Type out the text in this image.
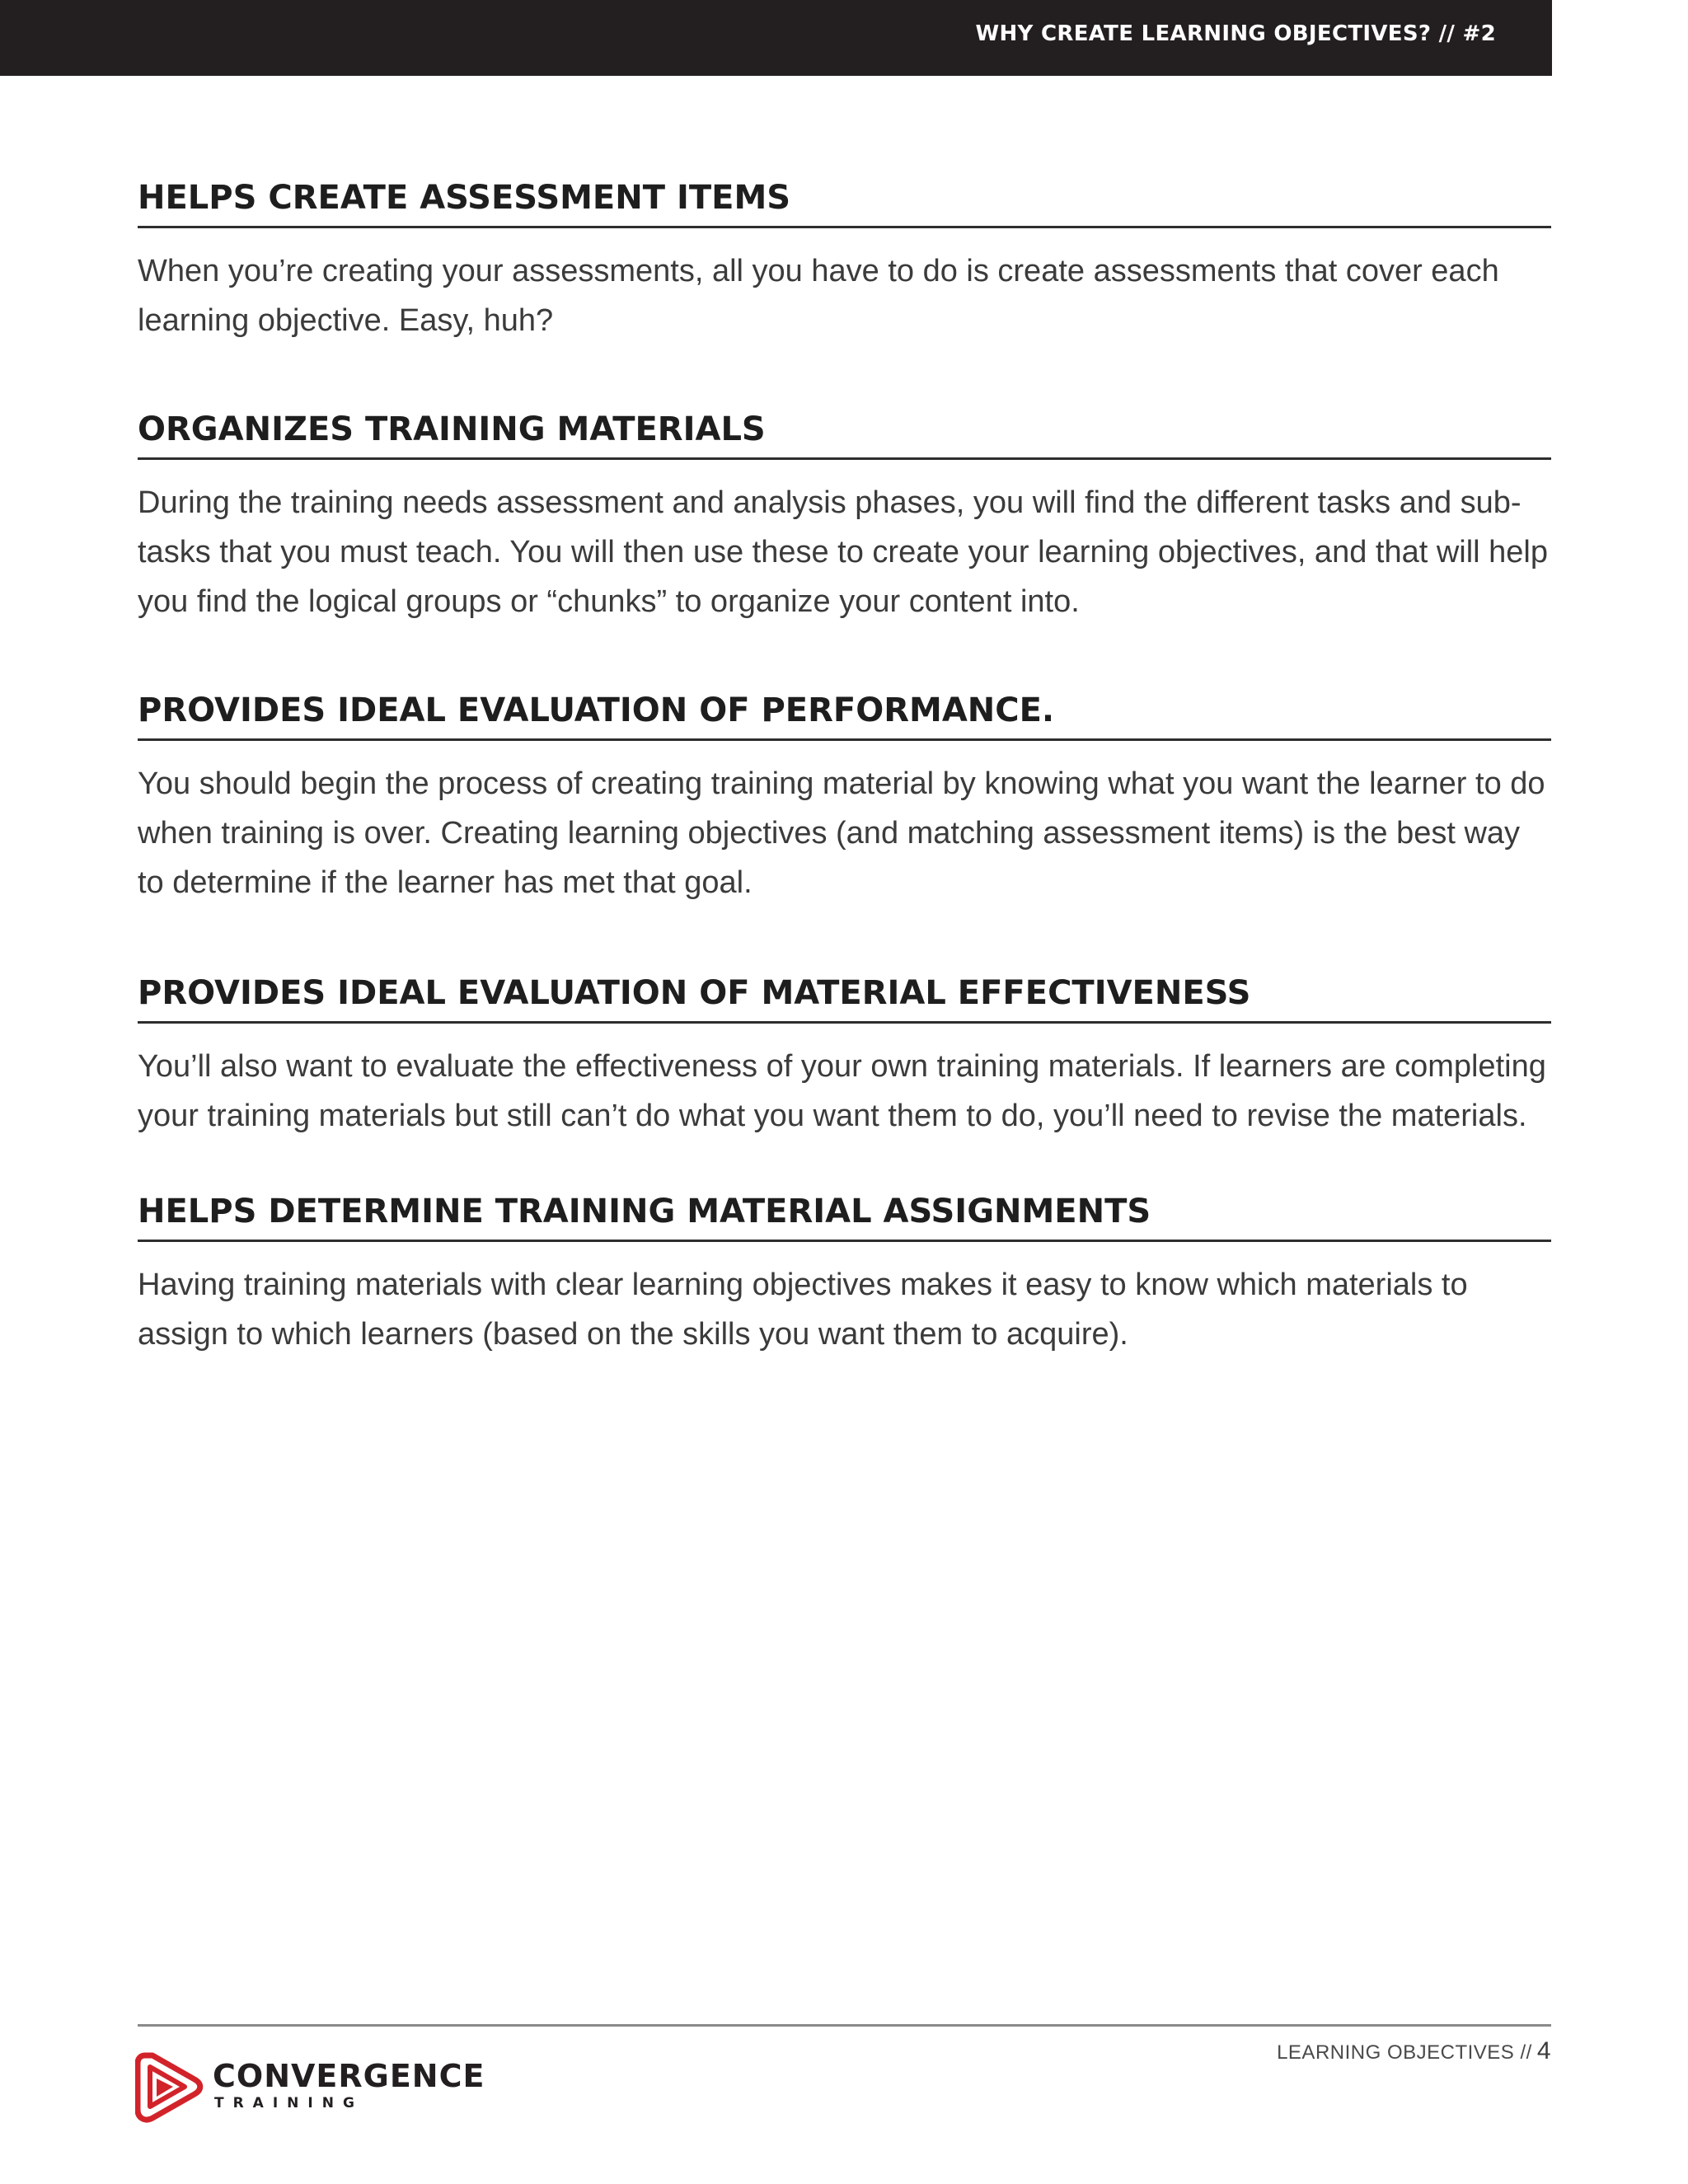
WHY CREATE LEARNING OBJECTIVES? // #2
HELPS CREATE ASSESSMENT ITEMS

When you’re creating your assessments, all you have to do is create assessments that cover each learning objective. Easy, huh?

ORGANIZES TRAINING MATERIALS

During the training needs assessment and analysis phases, you will find the different tasks and sub-tasks that you must teach. You will then use these to create your learning objectives, and that will help you find the logical groups or “chunks” to organize your content into.

PROVIDES IDEAL EVALUATION OF PERFORMANCE.

You should begin the process of creating training material by knowing what you want the learner to do when training is over. Creating learning objectives (and matching assessment items) is the best way to determine if the learner has met that goal.

PROVIDES IDEAL EVALUATION OF MATERIAL EFFECTIVENESS

You’ll also want to evaluate the effectiveness of your own training materials. If learners are completing your training materials but still can’t do what you want them to do, you’ll need to revise the materials.

HELPS DETERMINE TRAINING MATERIAL ASSIGNMENTS

Having training materials with clear learning objectives makes it easy to know which materials to assign to which learners (based on the skills you want them to acquire).

CONVERGENCE
TRAINING
LEARNING OBJECTIVES // 4
